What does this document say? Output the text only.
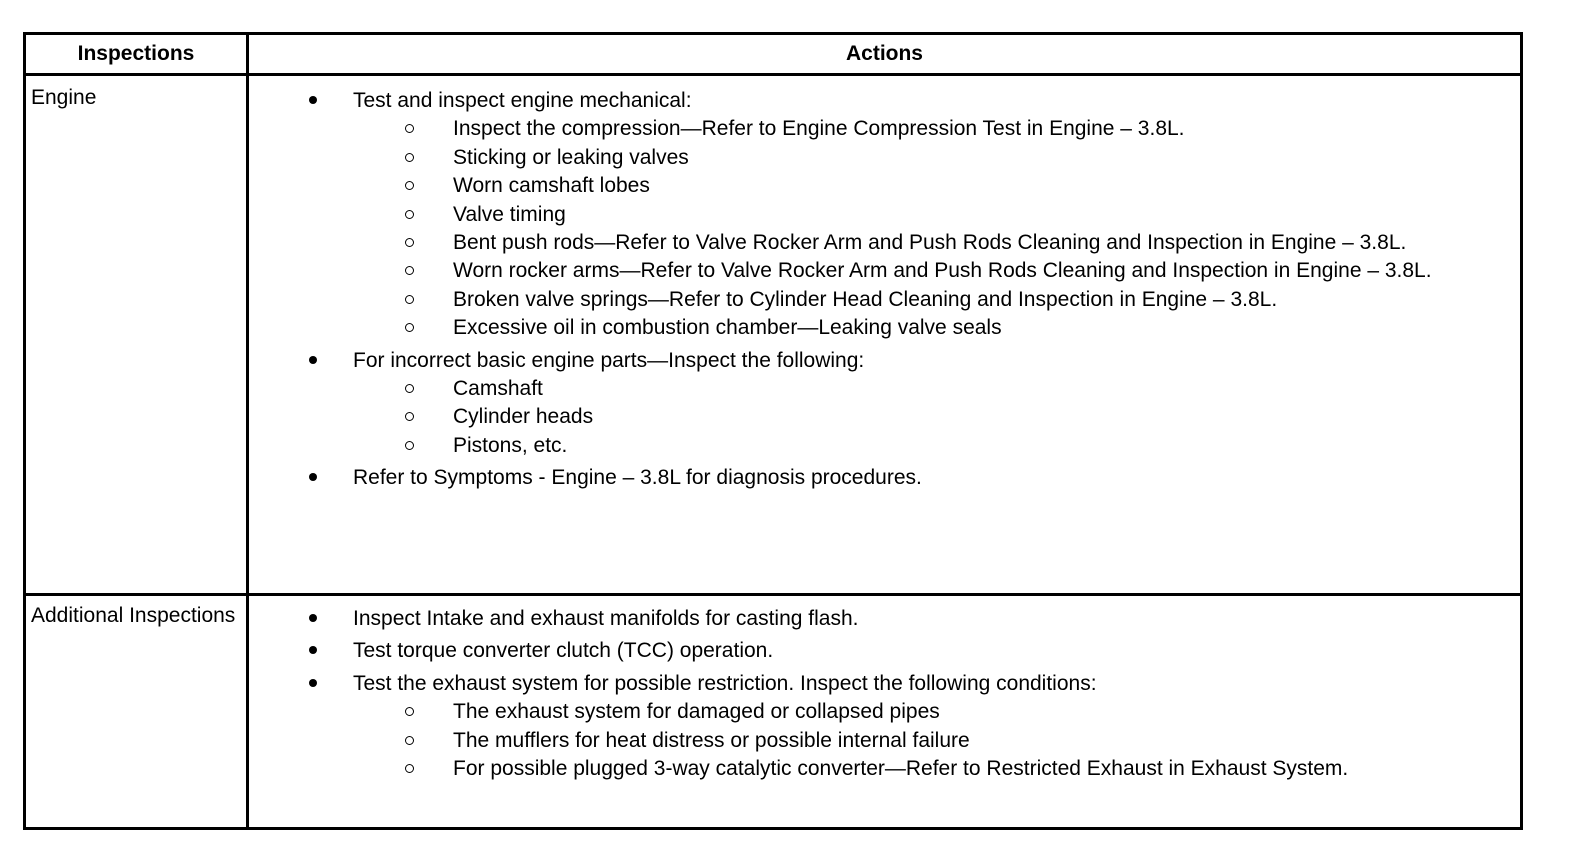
Inspections	Actions
Engine	Test and inspect engine mechanical:
Inspect the compression—Refer to Engine Compression Test in Engine – 3.8L.
Sticking or leaking valves
Worn camshaft lobes
Valve timing
Bent push rods—Refer to Valve Rocker Arm and Push Rods Cleaning and Inspection in Engine – 3.8L.
Worn rocker arms—Refer to Valve Rocker Arm and Push Rods Cleaning and Inspection in Engine – 3.8L.
Broken valve springs—Refer to Cylinder Head Cleaning and Inspection in Engine – 3.8L.
Excessive oil in combustion chamber—Leaking valve seals
For incorrect basic engine parts—Inspect the following:
Camshaft
Cylinder heads
Pistons, etc.
Refer to Symptoms - Engine – 3.8L for diagnosis procedures.
Additional Inspections	Inspect Intake and exhaust manifolds for casting flash.
Test torque converter clutch (TCC) operation.
Test the exhaust system for possible restriction. Inspect the following conditions:
The exhaust system for damaged or collapsed pipes
The mufflers for heat distress or possible internal failure
For possible plugged 3-way catalytic converter—Refer to Restricted Exhaust in Exhaust System.
